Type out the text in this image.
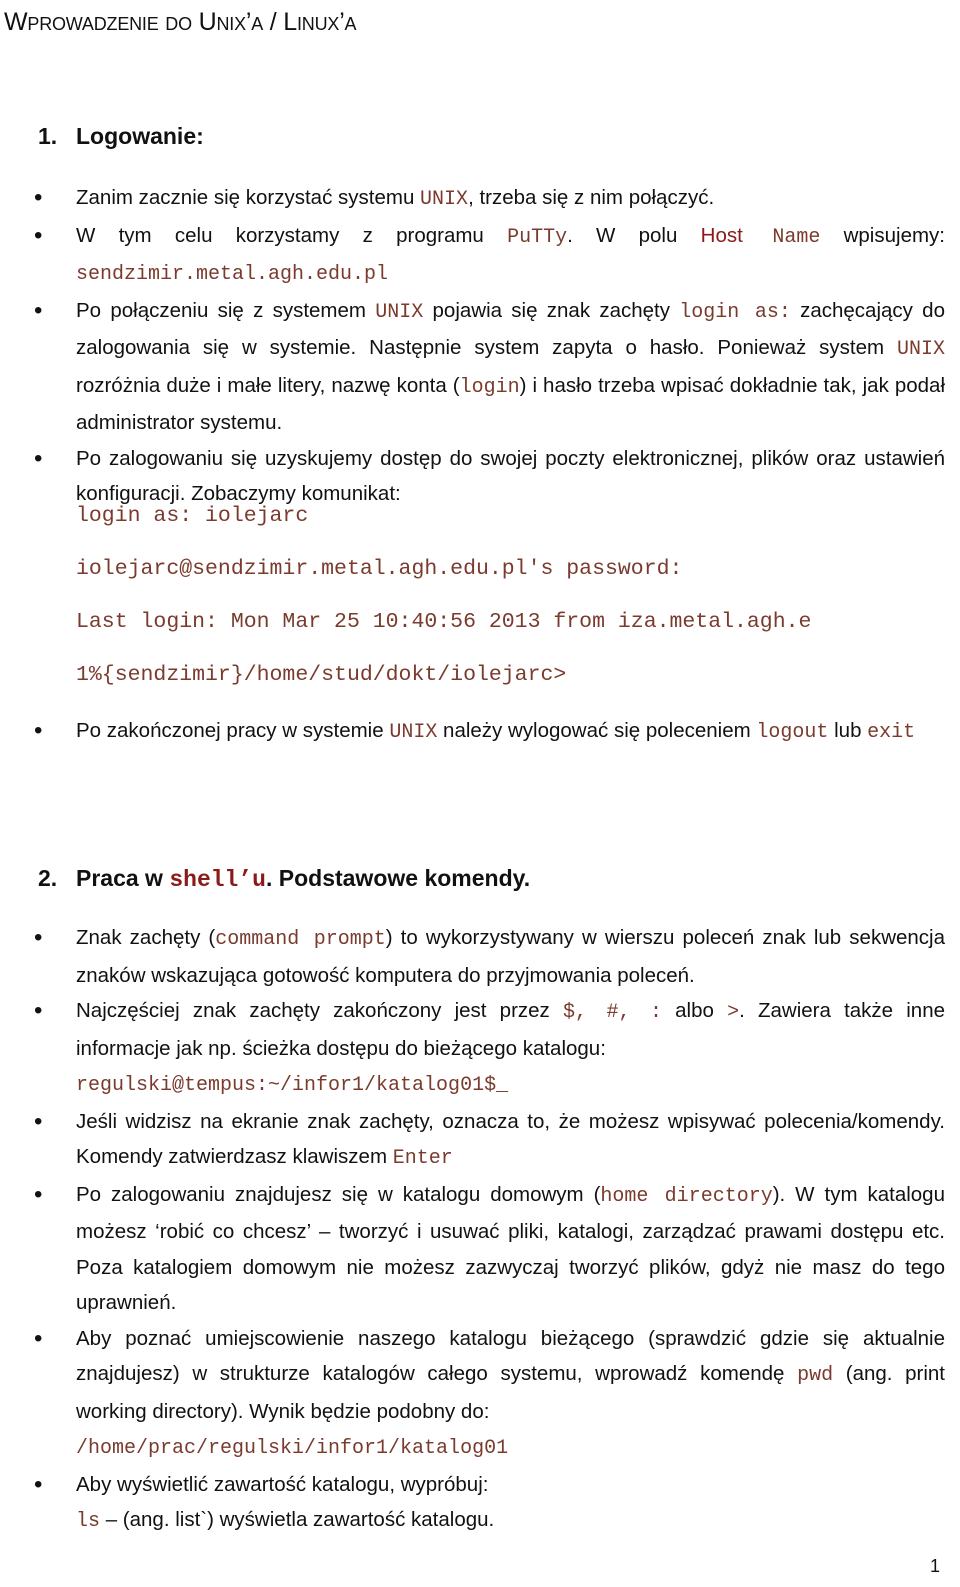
Wprowadzenie do Unix’a / Linux’a
1. Logowanie:

• Zanim zacznie się korzystać systemu UNIX, trzeba się z nim połączyć.

• W tym celu korzystamy z programu PuTTy. W polu Host Name wpisujemy: sendzimir.metal.agh.edu.pl

• Po połączeniu się z systemem UNIX pojawia się znak zachęty login as: zachęcający do zalogowania się w systemie. Następnie system zapyta o hasło. Ponieważ system UNIX rozróżnia duże i małe litery, nazwę konta (login) i hasło trzeba wpisać dokładnie tak, jak podał administrator systemu.

• Po zalogowaniu się uzyskujemy dostęp do swojej poczty elektronicznej, plików oraz ustawień konfiguracji. Zobaczymy komunikat:

login as: iolejarc
iolejarc@sendzimir.metal.agh.edu.pl's password:
Last login: Mon Mar 25 10:40:56 2013 from iza.metal.agh.e
1%{sendzimir}/home/stud/dokt/iolejarc>

• Po zakończonej pracy w systemie UNIX należy wylogować się poleceniem logout lub exit

2. Praca w shell’u. Podstawowe komendy.

• Znak zachęty (command prompt) to wykorzystywany w wierszu poleceń znak lub sekwencja znaków wskazująca gotowość komputera do przyjmowania poleceń.

• Najczęściej znak zachęty zakończony jest przez $, #, : albo >. Zawiera także inne informacje jak np. ścieżka dostępu do bieżącego katalogu:
regulski@tempus:~/infor1/katalog01$_

• Jeśli widzisz na ekranie znak zachęty, oznacza to, że możesz wpisywać polecenia/komendy. Komendy zatwierdzasz klawiszem Enter

• Po zalogowaniu znajdujesz się w katalogu domowym (home directory). W tym katalogu możesz ‘robić co chcesz’ – tworzyć i usuwać pliki, katalogi, zarządzać prawami dostępu etc. Poza katalogiem domowym nie możesz zazwyczaj tworzyć plików, gdyż nie masz do tego uprawnień.

• Aby poznać umiejscowienie naszego katalogu bieżącego (sprawdzić gdzie się aktualnie znajdujesz) w strukturze katalogów całego systemu, wprowadź komendę pwd (ang. print working directory). Wynik będzie podobny do:
/home/prac/regulski/infor1/katalog01

• Aby wyświetlić zawartość katalogu, wypróbuj:
ls – (ang. list`) wyświetla zawartość katalogu.

1
